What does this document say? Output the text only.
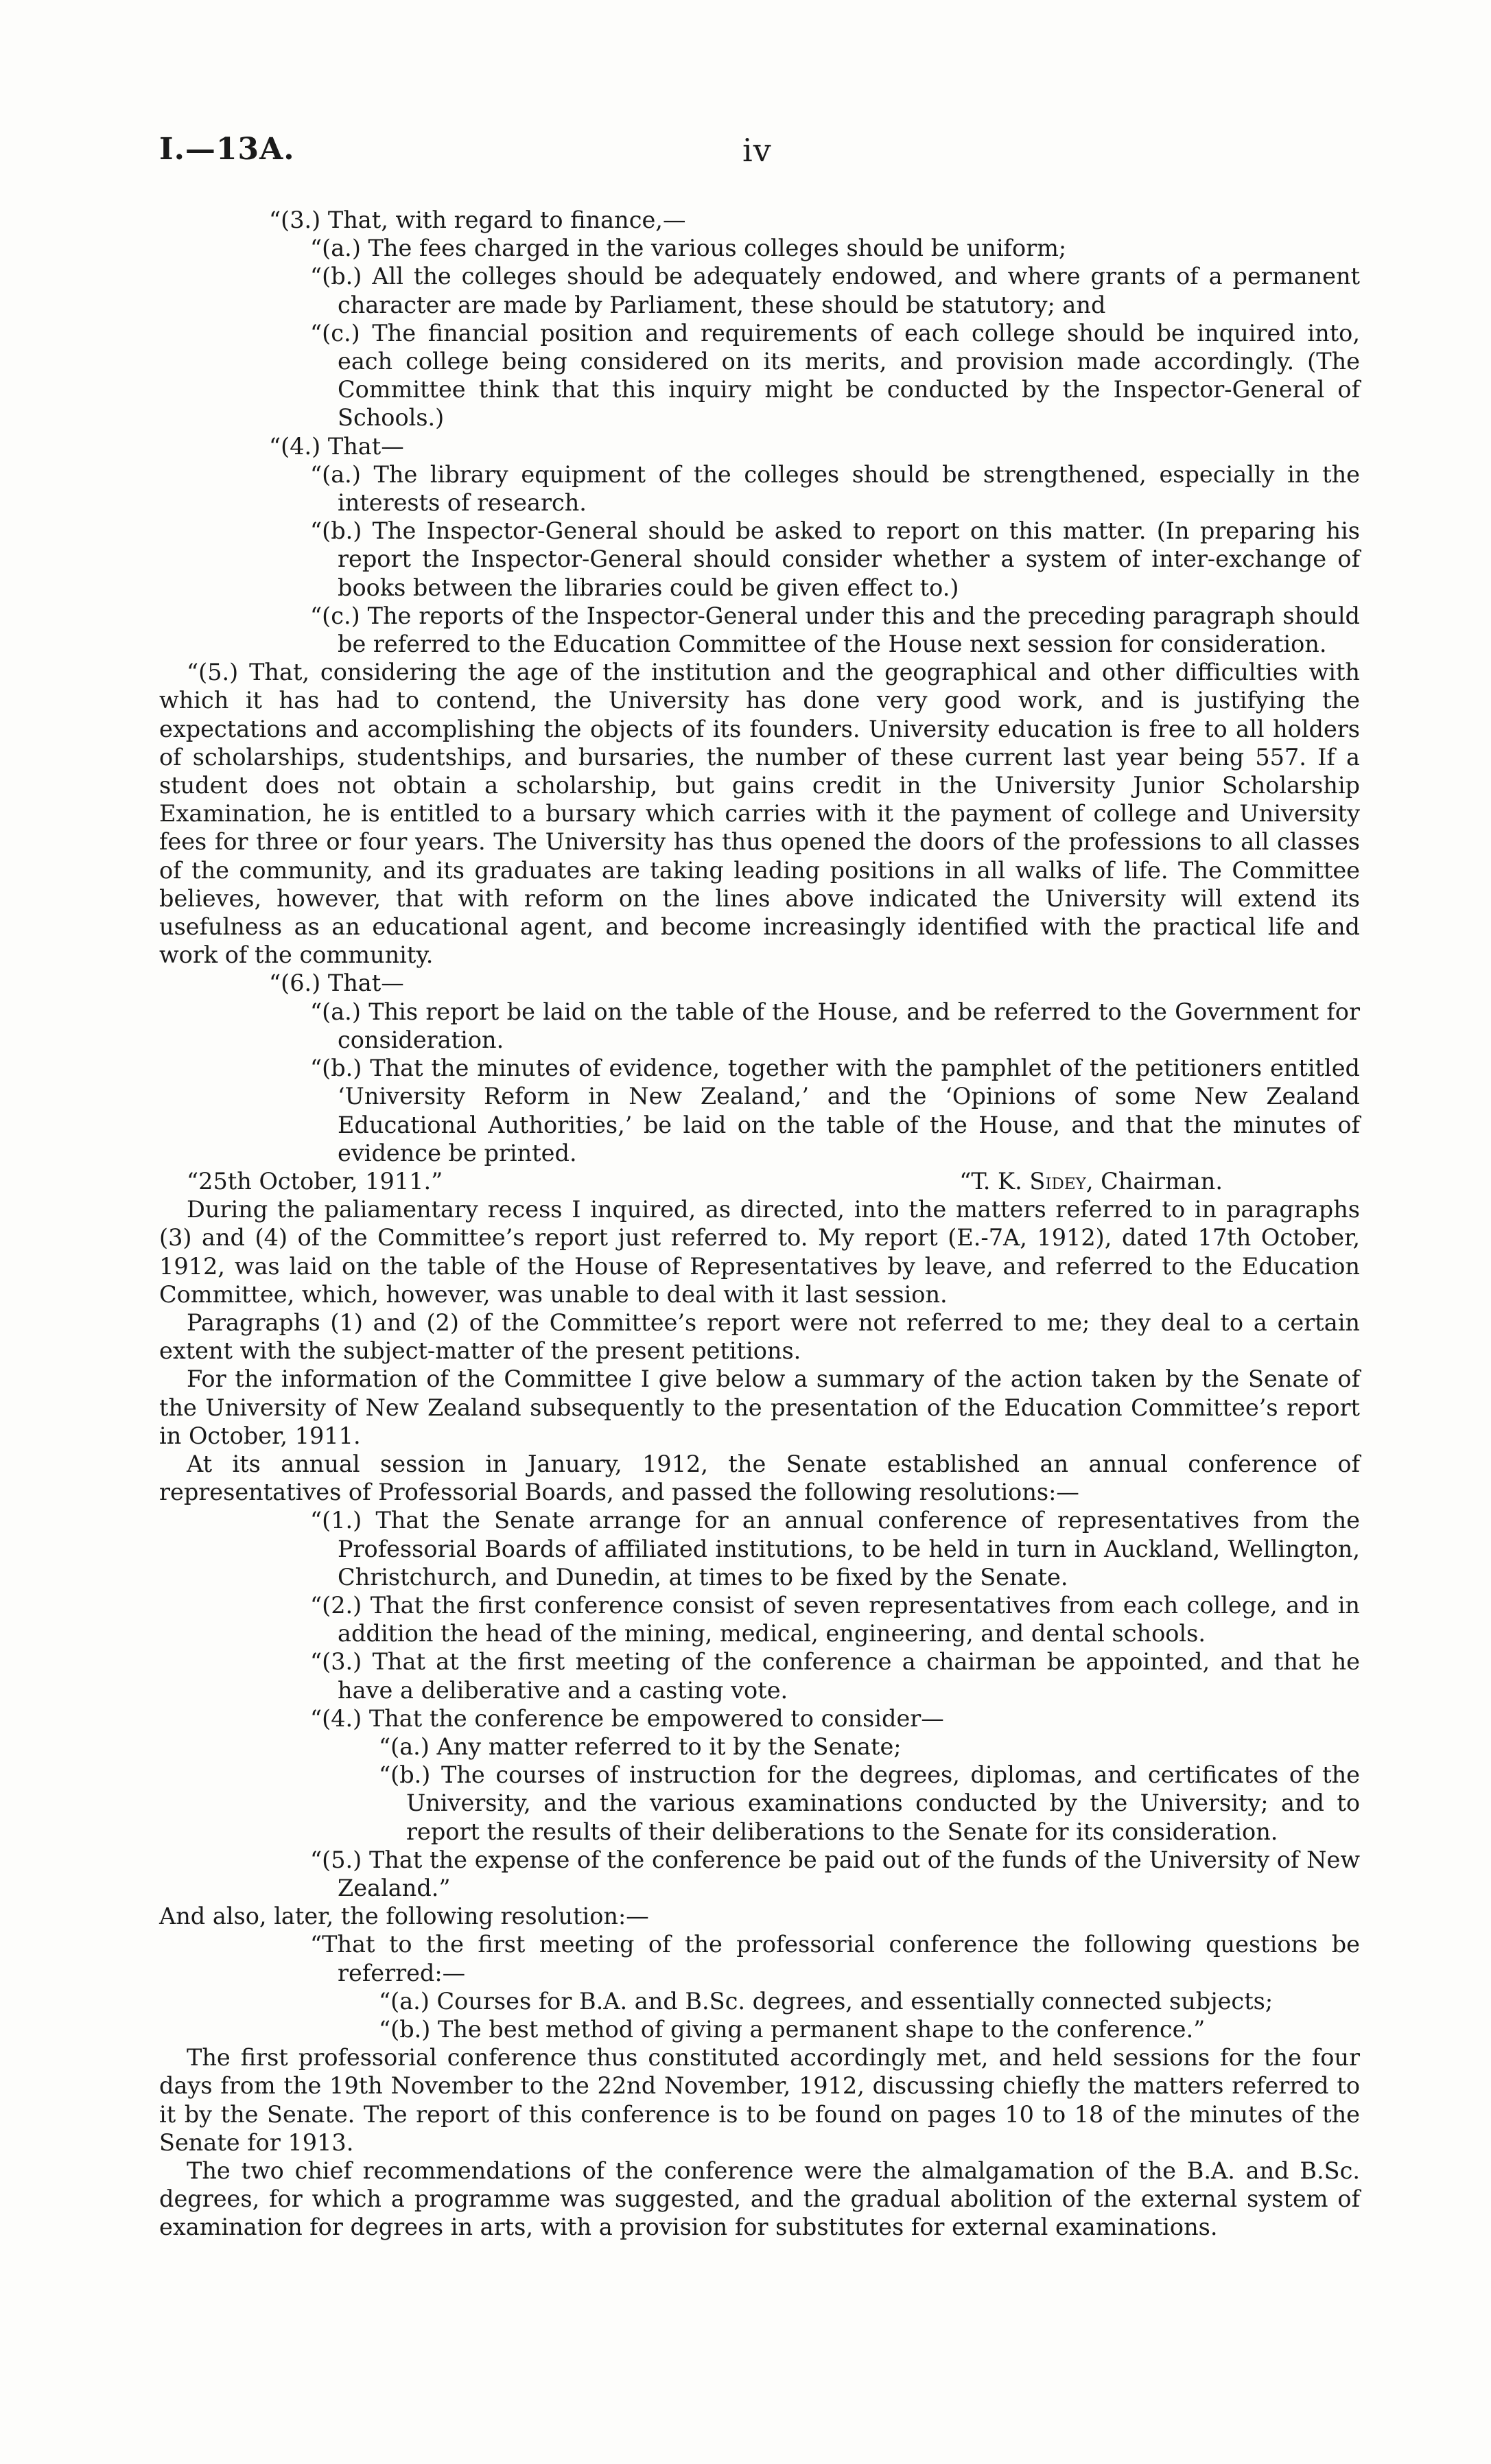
I.—13A.	iv

“(3.) That, with regard to finance,—

“(a.) The fees charged in the various colleges should be uniform;

“(b.) All the colleges should be adequately endowed, and where grants of a permanent character are made by Parliament, these should be statutory; and

“(c.) The financial position and requirements of each college should be inquired into, each college being considered on its merits, and provision made accordingly. (The Committee think that this inquiry might be conducted by the Inspector-General of Schools.)

“(4.) That—

“(a.) The library equipment of the colleges should be strengthened, especially in the interests of research.

“(b.) The Inspector-General should be asked to report on this matter. (In preparing his report the Inspector-General should consider whether a system of inter-exchange of books between the libraries could be given effect to.)

“(c.) The reports of the Inspector-General under this and the preceding paragraph should be referred to the Education Committee of the House next session for consideration.

“(5.) That, considering the age of the institution and the geographical and other difficulties with which it has had to contend, the University has done very good work, and is justifying the expectations and accomplishing the objects of its founders. University education is free to all holders of scholarships, studentships, and bursaries, the number of these current last year being 557. If a student does not obtain a scholarship, but gains credit in the University Junior Scholarship Examination, he is entitled to a bursary which carries with it the payment of college and University fees for three or four years. The University has thus opened the doors of the professions to all classes of the community, and its graduates are taking leading positions in all walks of life. The Committee believes, however, that with reform on the lines above indicated the University will extend its usefulness as an educational agent, and become increasingly identified with the practical life and work of the community.

“(6.) That—

“(a.) This report be laid on the table of the House, and be referred to the Government for consideration.

“(b.) That the minutes of evidence, together with the pamphlet of the petitioners entitled ‘University Reform in New Zealand,’ and the ‘Opinions of some New Zealand Educational Authorities,’ be laid on the table of the House, and that the minutes of evidence be printed.

“25th October, 1911.”	“T. K. Sidey, Chairman.

During the paliamentary recess I inquired, as directed, into the matters referred to in paragraphs (3) and (4) of the Committee’s report just referred to. My report (E.-7A, 1912), dated 17th October, 1912, was laid on the table of the House of Representatives by leave, and referred to the Education Committee, which, however, was unable to deal with it last session.

Paragraphs (1) and (2) of the Committee’s report were not referred to me; they deal to a certain extent with the subject-matter of the present petitions.

For the information of the Committee I give below a summary of the action taken by the Senate of the University of New Zealand subsequently to the presentation of the Education Committee’s report in October, 1911.

At its annual session in January, 1912, the Senate established an annual conference of representatives of Professorial Boards, and passed the following resolutions:—

“(1.) That the Senate arrange for an annual conference of representatives from the Professorial Boards of affiliated institutions, to be held in turn in Auckland, Wellington, Christchurch, and Dunedin, at times to be fixed by the Senate.

“(2.) That the first conference consist of seven representatives from each college, and in addition the head of the mining, medical, engineering, and dental schools.

“(3.) That at the first meeting of the conference a chairman be appointed, and that he have a deliberative and a casting vote.

“(4.) That the conference be empowered to consider—

“(a.) Any matter referred to it by the Senate;

“(b.) The courses of instruction for the degrees, diplomas, and certificates of the University, and the various examinations conducted by the University; and to report the results of their deliberations to the Senate for its consideration.

“(5.) That the expense of the conference be paid out of the funds of the University of New Zealand.”

And also, later, the following resolution:—

“That to the first meeting of the professorial conference the following questions be referred:—

“(a.) Courses for B.A. and B.Sc. degrees, and essentially connected subjects;

“(b.) The best method of giving a permanent shape to the conference.”

The first professorial conference thus constituted accordingly met, and held sessions for the four days from the 19th November to the 22nd November, 1912, discussing chiefly the matters referred to it by the Senate. The report of this conference is to be found on pages 10 to 18 of the minutes of the Senate for 1913.

The two chief recommendations of the conference were the almalgamation of the B.A. and B.Sc. degrees, for which a programme was suggested, and the gradual abolition of the external system of examination for degrees in arts, with a provision for substitutes for external examinations.
